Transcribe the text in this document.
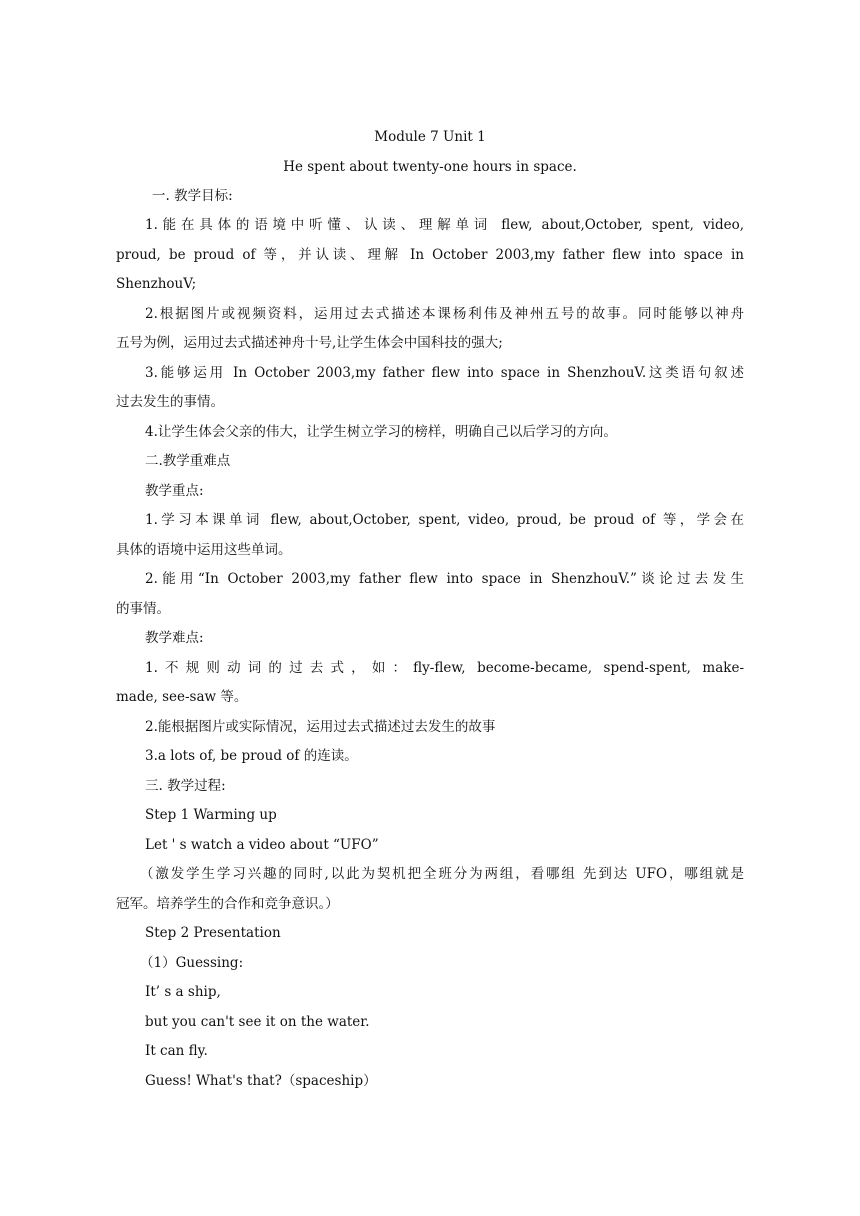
Module 7 Unit 1
He spent about twenty-one hours in space.
一. 教学目标:
1.能在具体的语境中听懂、认读、理解单词 flew, about,October, spent, video,
proud, be proud of 等，并认读、理解 In October 2003,my father flew into space in
ShenzhouV;
2.根据图片或视频资料，运用过去式描述本课杨利伟及神州五号的故事。同时能够以神舟
五号为例，运用过去式描述神舟十号,让学生体会中国科技的强大;
3.能够运用 In October 2003,my father flew into space in ShenzhouV.这类语句叙述
过去发生的事情。
4.让学生体会父亲的伟大，让学生树立学习的榜样，明确自己以后学习的方向。
二.教学重难点
教学重点:
1.学习本课单词 flew, about,October, spent, video, proud, be proud of 等，学会在
具体的语境中运用这些单词。
2.能用“In October 2003,my father flew into space in ShenzhouV.”谈论过去发生
的事情。
教学难点:
1.不规则动词的过去式，如：fly-flew, become-became, spend-spent, make-
made, see-saw 等。
2.能根据图片或实际情况，运用过去式描述过去发生的故事
3.a lots of, be proud of 的连读。
三. 教学过程:
Step 1 Warming up
Let ' s watch a video about “UFO”
（激发学生学习兴趣的同时,以此为契机把全班分为两组，看哪组 先到达 UFO，哪组就是
冠军。培养学生的合作和竞争意识。）
Step 2 Presentation
（1）Guessing:
It’ s a ship,
but you can't see it on the water.
It can fly.
Guess! What's that?（spaceship）
